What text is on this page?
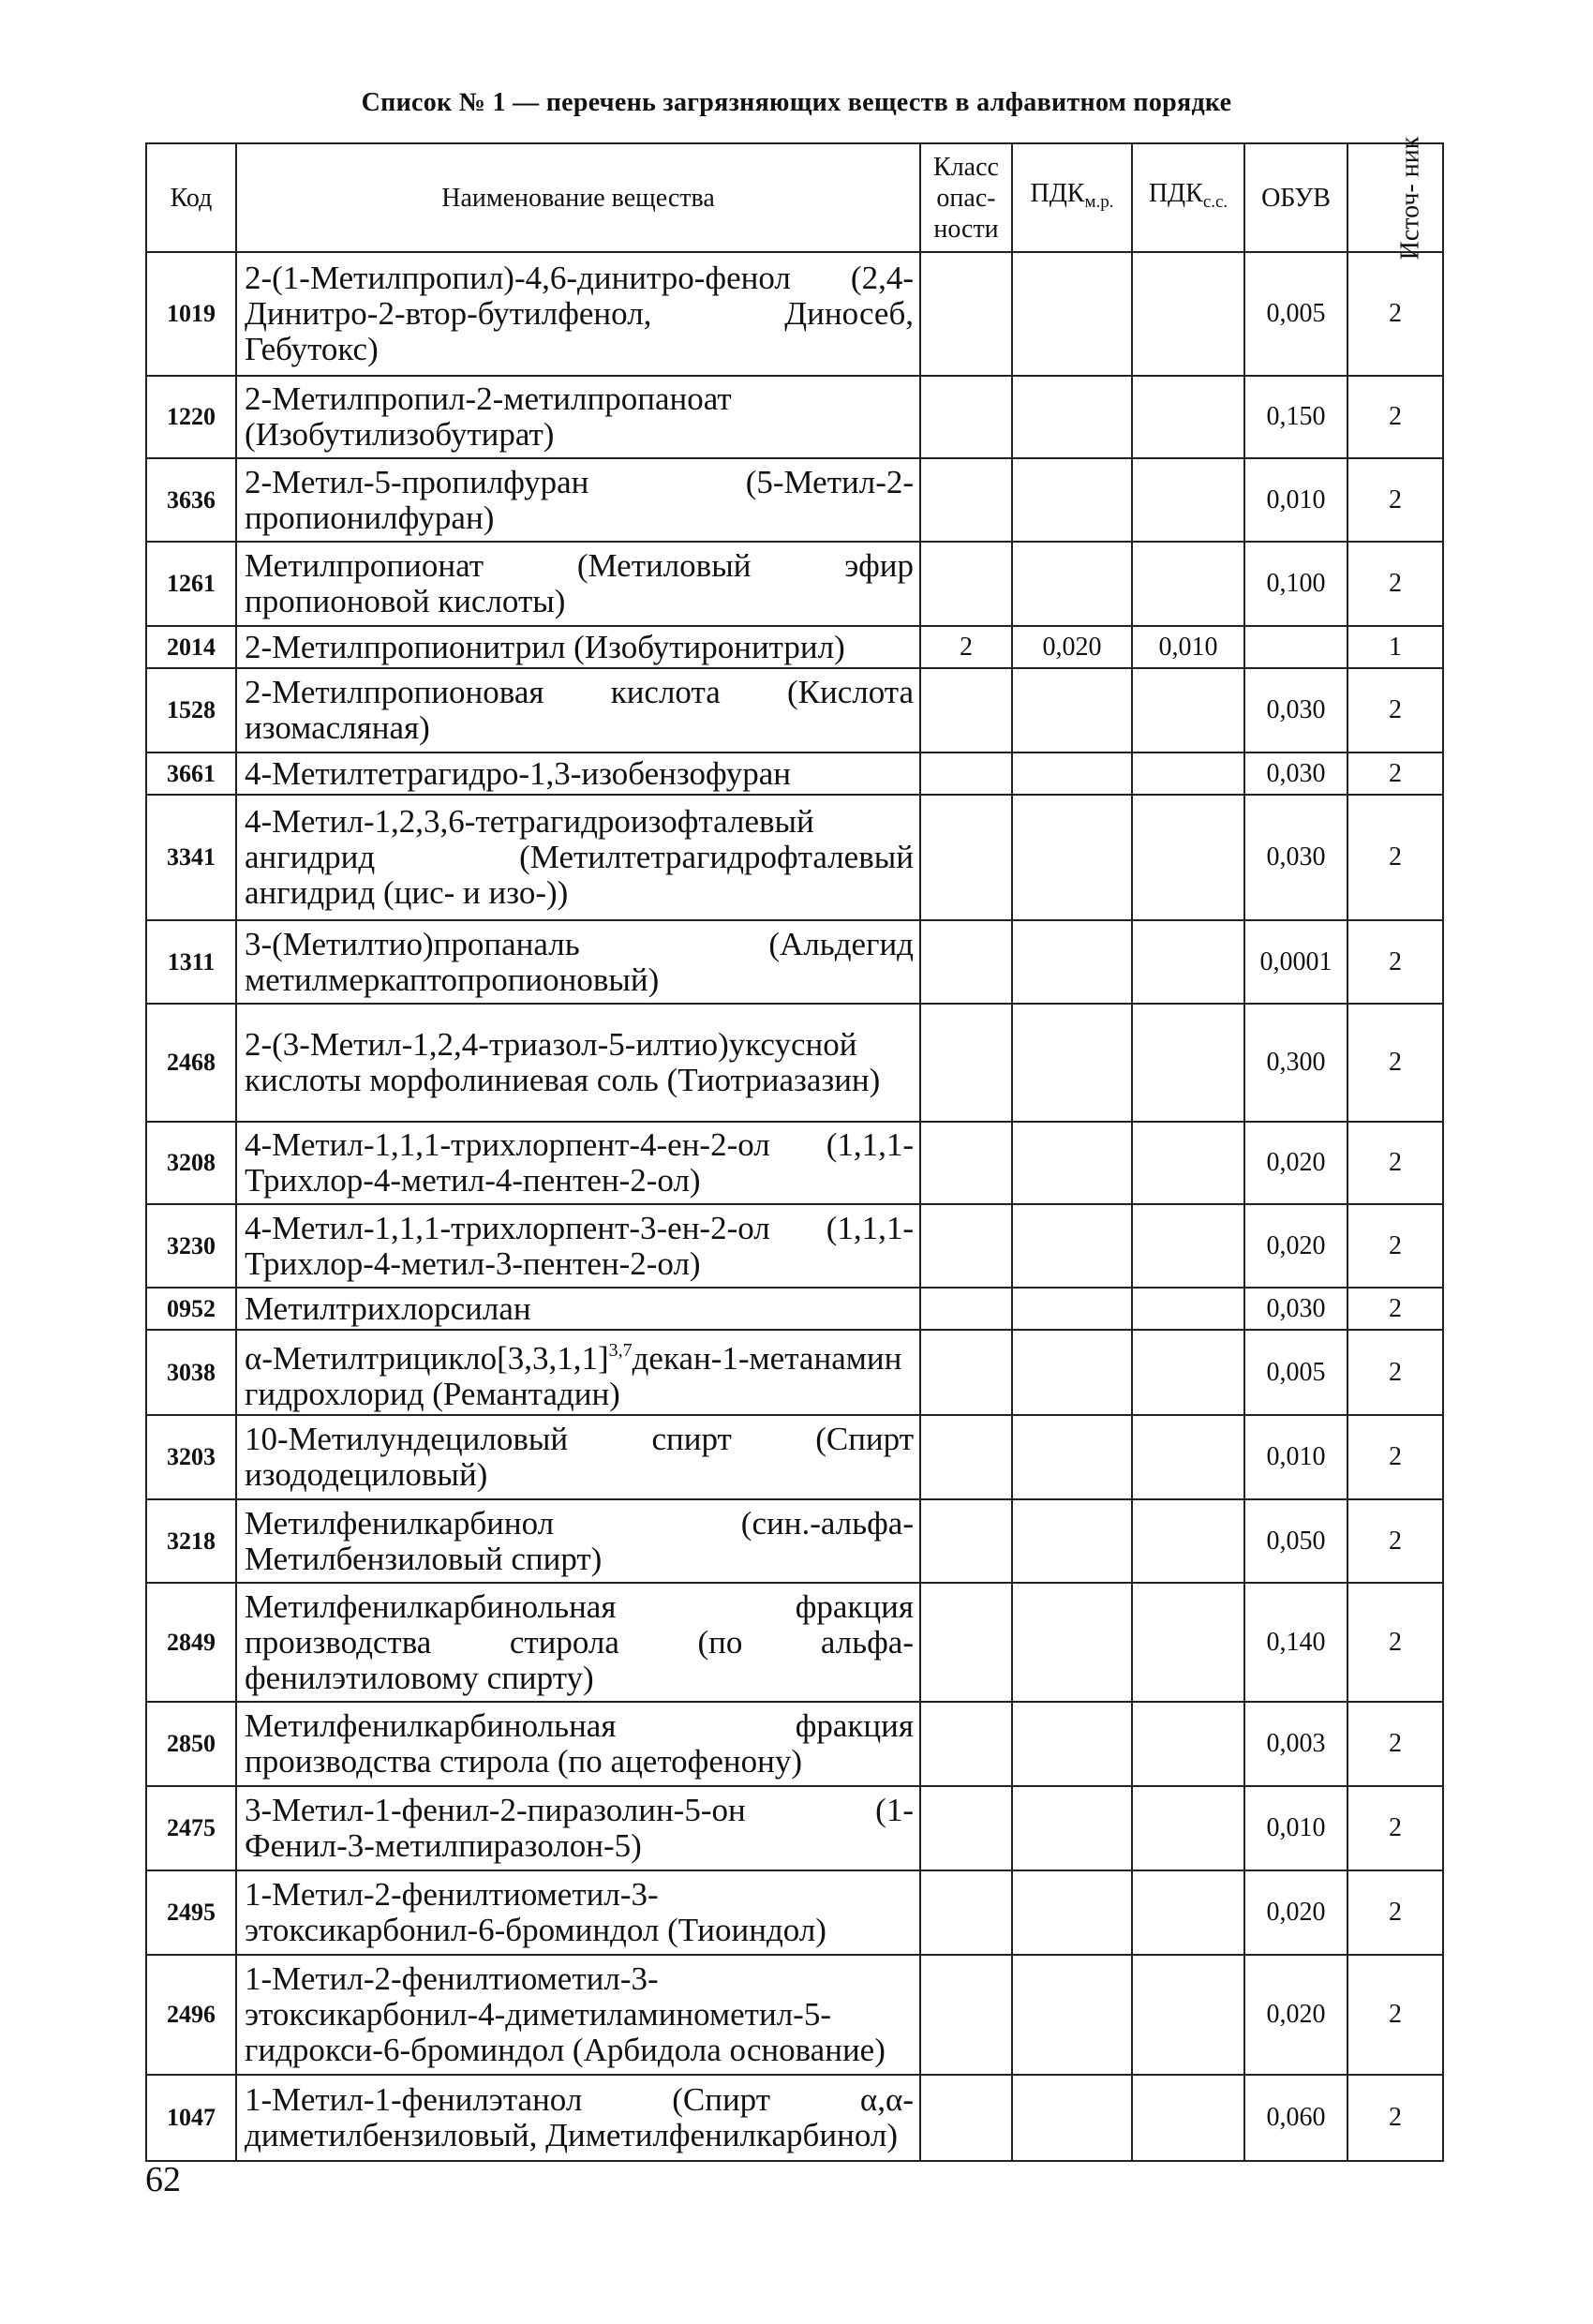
Список № 1 — перечень загрязняющих веществ в алфавитном порядке
Код	Наименование вещества	Класс опас- ности	$ПДК_{м.р.}$	$ПДК_{с.с.}$	ОБУВ	Источ- ник
1019	2-(1-Метилпропил)-4,6-динитро-фенол (2,4-Динитро-2-втор-бутилфенол, Диносеб, Гебутокс)				0,005	2
1220	2-Метилпропил-2-метилпропаноат (Изобутилизобутират)				0,150	2
3636	2-Метил-5-пропилфуран (5-Метил-2-пропионилфуран)				0,010	2
1261	Метилпропионат (Метиловый эфир пропионовой кислоты)				0,100	2
2014	2-Метилпропионитрил (Изобутиронитрил)	2	0,020	0,010		1
1528	2-Метилпропионовая кислота (Кислота изомасляная)				0,030	2
3661	4-Метилтетрагидро-1,3-изобензофуран				0,030	2
3341	4-Метил-1,2,3,6-тетрагидроизофталевый ангидрид (Метилтетрагидрофталевый ангидрид (цис- и изо-))				0,030	2
1311	3-(Метилтио)пропаналь (Альдегид метилмеркаптопропионовый)				0,0001	2
2468	2-(3-Метил-1,2,4-триазол-5-илтио)уксусной кислоты морфолиниевая соль (Тиотриазазин)				0,300	2
3208	4-Метил-1,1,1-трихлорпент-4-ен-2-ол (1,1,1-Трихлор-4-метил-4-пентен-2-ол)				0,020	2
3230	4-Метил-1,1,1-трихлорпент-3-ен-2-ол (1,1,1-Трихлор-4-метил-3-пентен-2-ол)				0,020	2
0952	Метилтрихлорсилан				0,030	2
3038	$\alpha-Метилтрицикло[3,3,1,1]^{3,7}декан-1$-метанамин гидрохлорид (Ремантадин)				0,005	2
3203	10-Метилундециловый спирт (Спирт изододециловый)				0,010	2
3218	Метилфенилкарбинол (син.-альфа-Метилбензиловый спирт)				0,050	2
2849	Метилфенилкарбинольная фракция производства стирола (по альфа-фенилэтиловому спирту)				0,140	2
2850	Метилфенилкарбинольная фракция производства стирола (по ацетофенону)				0,003	2
2475	3-Метил-1-фенил-2-пиразолин-5-он (1-Фенил-3-метилпиразолон-5)				0,010	2
2495	1-Метил-2-фенилтиометил-3-этоксикарбонил-6-броминдол (Тиоиндол)				0,020	2
2496	1-Метил-2-фенилтиометил-3-этоксикарбонил-4-диметиламинометил-5-гидрокси-6-броминдол (Арбидола основание)				0,020	2
1047	1-Метил-1-фенилэтанол (Спирт α,α-диметилбензиловый, Диметилфенилкарбинол)				0,060	2
62
